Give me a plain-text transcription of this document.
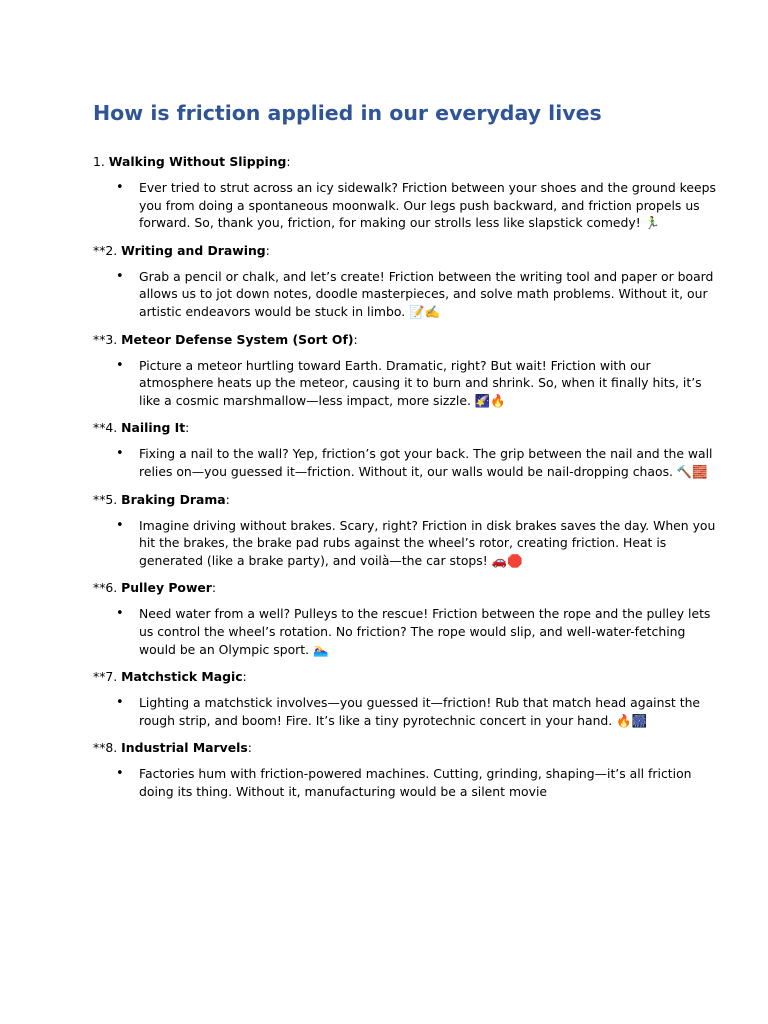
How is friction applied in our everyday lives

1. Walking Without Slipping:

• Ever tried to strut across an icy sidewalk? Friction between your shoes and the ground keeps
you from doing a spontaneous moonwalk. Our legs push backward, and friction propels us
forward. So, thank you, friction, for making our strolls less like slapstick comedy! 🏃‍♂️

**2. Writing and Drawing:

• Grab a pencil or chalk, and let’s create! Friction between the writing tool and paper or board
allows us to jot down notes, doodle masterpieces, and solve math problems. Without it, our
artistic endeavors would be stuck in limbo. 📝✍️

**3. Meteor Defense System (Sort Of):

• Picture a meteor hurtling toward Earth. Dramatic, right? But wait! Friction with our
atmosphere heats up the meteor, causing it to burn and shrink. So, when it finally hits, it’s
like a cosmic marshmallow—less impact, more sizzle. 🌠🔥

**4. Nailing It:

• Fixing a nail to the wall? Yep, friction’s got your back. The grip between the nail and the wall
relies on—you guessed it—friction. Without it, our walls would be nail-dropping chaos. 🔨🧱

**5. Braking Drama:

• Imagine driving without brakes. Scary, right? Friction in disk brakes saves the day. When you
hit the brakes, the brake pad rubs against the wheel’s rotor, creating friction. Heat is
generated (like a brake party), and voilà—the car stops! 🚗🛑

**6. Pulley Power:

• Need water from a well? Pulleys to the rescue! Friction between the rope and the pulley lets
us control the wheel’s rotation. No friction? The rope would slip, and well-water-fetching
would be an Olympic sport. 🏊‍♀️

**7. Matchstick Magic:

• Lighting a matchstick involves—you guessed it—friction! Rub that match head against the
rough strip, and boom! Fire. It’s like a tiny pyrotechnic concert in your hand. 🔥🎆

**8. Industrial Marvels:

• Factories hum with friction-powered machines. Cutting, grinding, shaping—it’s all friction
doing its thing. Without it, manufacturing would be a silent movie
